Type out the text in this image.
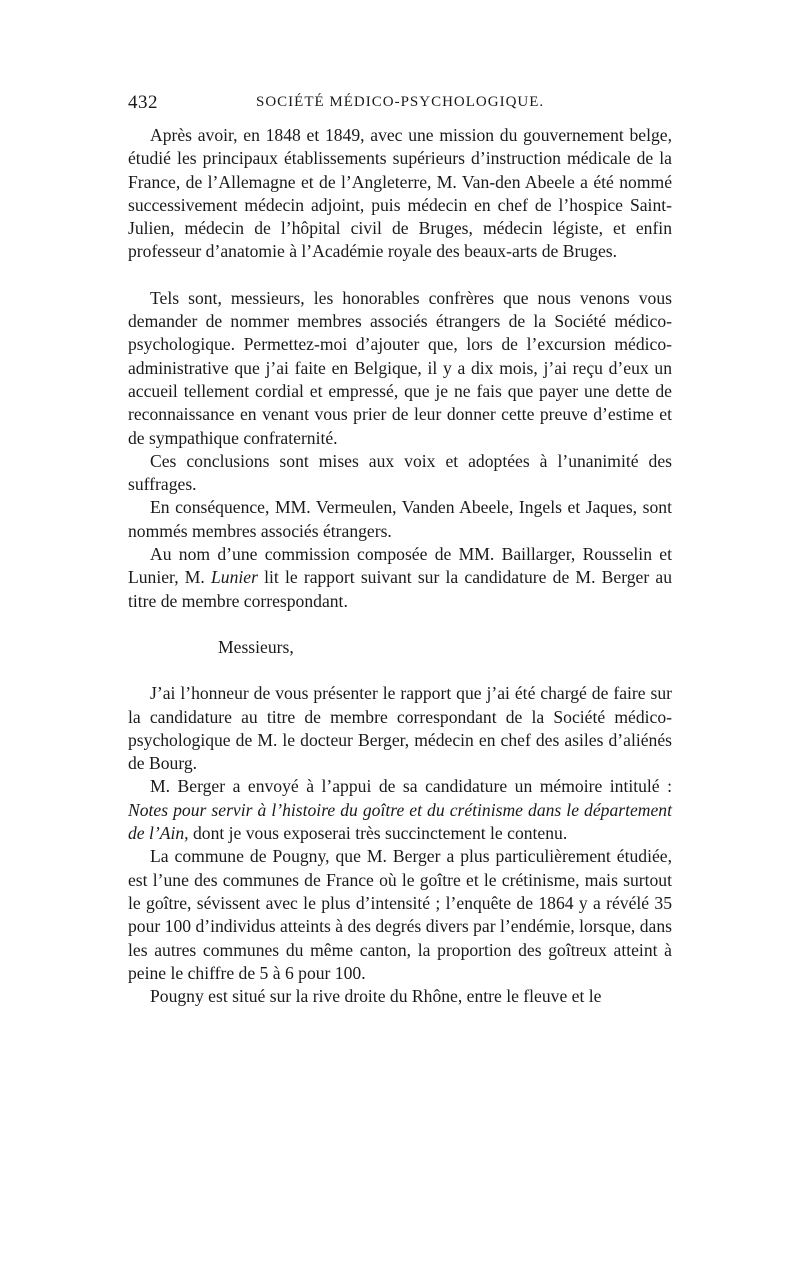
432	SOCIÉTÉ MÉDICO-PSYCHOLOGIQUE.

Après avoir, en 1848 et 1849, avec une mission du gouvernement belge, étudié les principaux établissements supérieurs d’instruction médicale de la France, de l’Allemagne et de l’Angleterre, M. Van-den Abeele a été nommé successivement médecin adjoint, puis médecin en chef de l’hospice Saint-Julien, médecin de l’hôpital civil de Bruges, médecin légiste, et enfin professeur d’anatomie à l’Académie royale des beaux-arts de Bruges.

Tels sont, messieurs, les honorables confrères que nous venons vous demander de nommer membres associés étrangers de la Société médico-psychologique. Permettez-moi d’ajouter que, lors de l’excursion médico-administrative que j’ai faite en Belgique, il y a dix mois, j’ai reçu d’eux un accueil tellement cordial et empressé, que je ne fais que payer une dette de reconnaissance en venant vous prier de leur donner cette preuve d’estime et de sympathique confraternité.

Ces conclusions sont mises aux voix et adoptées à l’unanimité des suffrages.

En conséquence, MM. Vermeulen, Vanden Abeele, Ingels et Jaques, sont nommés membres associés étrangers.

Au nom d’une commission composée de MM. Baillarger, Rousselin et Lunier, M. Lunier lit le rapport suivant sur la candidature de M. Berger au titre de membre correspondant.

Messieurs,

J’ai l’honneur de vous présenter le rapport que j’ai été chargé de faire sur la candidature au titre de membre correspondant de la Société médico-psychologique de M. le docteur Berger, médecin en chef des asiles d’aliénés de Bourg.

M. Berger a envoyé à l’appui de sa candidature un mémoire intitulé : Notes pour servir à l’histoire du goître et du crétinisme dans le département de l’Ain, dont je vous exposerai très succinctement le contenu.

La commune de Pougny, que M. Berger a plus particulièrement étudiée, est l’une des communes de France où le goître et le crétinisme, mais surtout le goître, sévissent avec le plus d’intensité ; l’enquête de 1864 y a révélé 35 pour 100 d’individus atteints à des degrés divers par l’endémie, lorsque, dans les autres communes du même canton, la proportion des goîtreux atteint à peine le chiffre de 5 à 6 pour 100.

Pougny est situé sur la rive droite du Rhône, entre le fleuve et le
